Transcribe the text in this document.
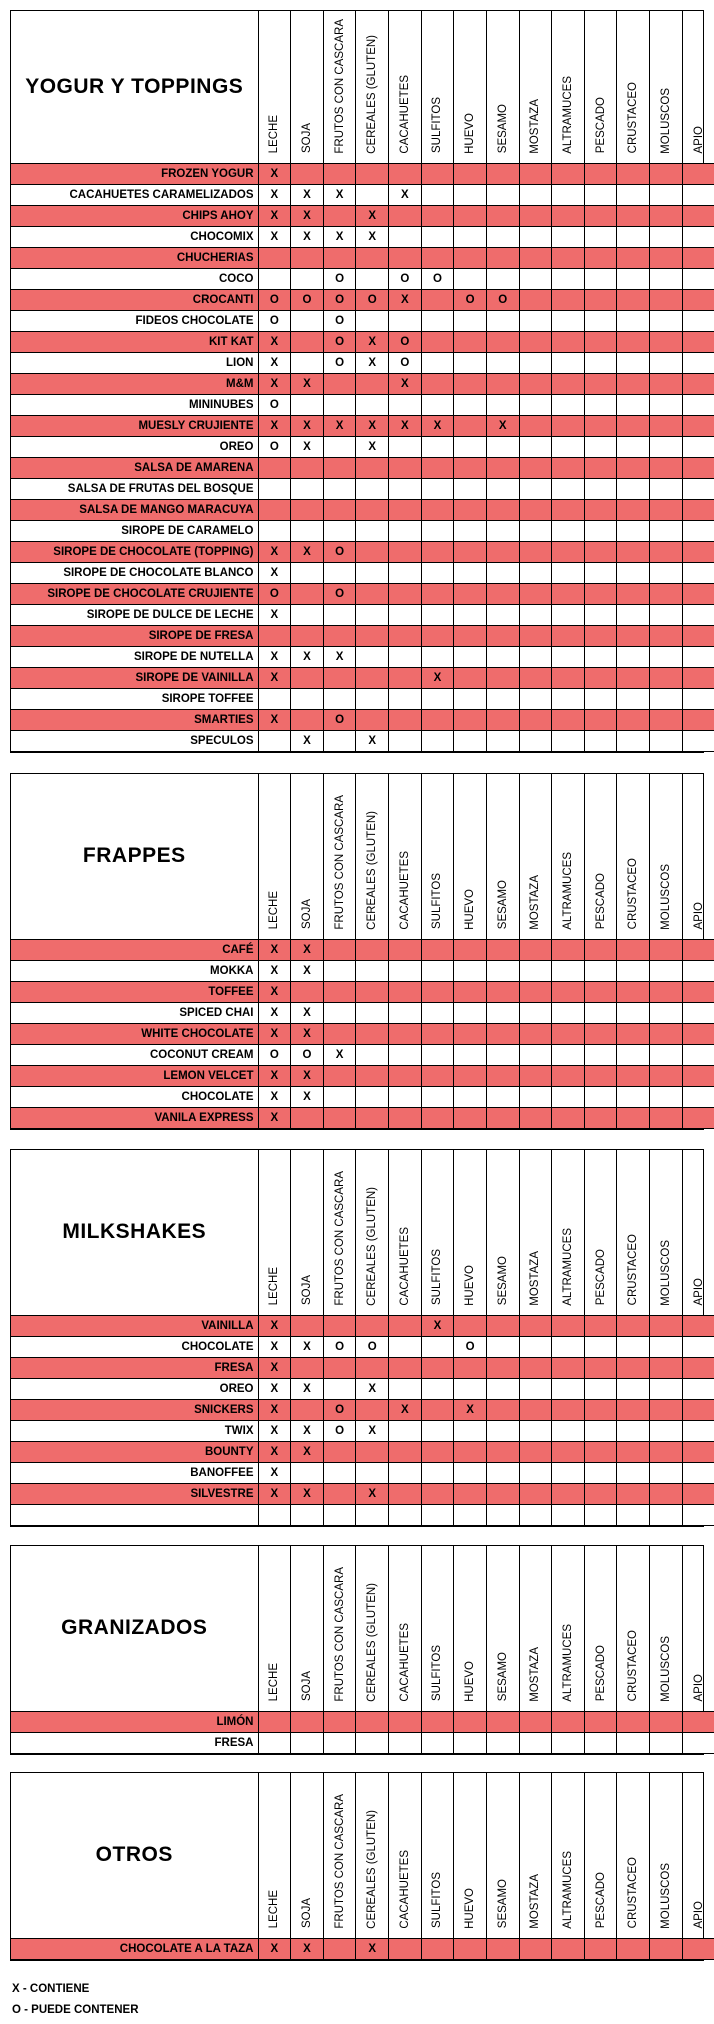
YOGUR Y TOPPINGS	LECHE	SOJA	FRUTOS CON CASCARA	CEREALES (GLUTEN)	CACAHUETES	SULFITOS	HUEVO	SESAMO	MOSTAZA	ALTRAMUCES	PESCADO	CRUSTACEO	MOLUSCOS	APIO
FROZEN YOGUR	X													
CACAHUETES CARAMELIZADOS	X	X	X		X									
CHIPS AHOY	X	X		X										
CHOCOMIX	X	X	X	X										
CHUCHERIAS														
COCO			O		O	O								
CROCANTI	O	O	O	O	X		O	O						
FIDEOS CHOCOLATE	O		O											
KIT KAT	X		O	X	O									
LION	X		O	X	O									
M&M	X	X			X									
MININUBES	O													
MUESLY CRUJIENTE	X	X	X	X	X	X		X						
OREO	O	X		X										
SALSA DE AMARENA														
SALSA DE FRUTAS DEL BOSQUE														
SALSA DE MANGO MARACUYA														
SIROPE DE CARAMELO														
SIROPE DE CHOCOLATE (TOPPING)	X	X	O											
SIROPE DE CHOCOLATE BLANCO	X													
SIROPE DE CHOCOLATE CRUJIENTE	O		O											
SIROPE DE DULCE DE LECHE	X													
SIROPE DE FRESA														
SIROPE DE NUTELLA	X	X	X											
SIROPE DE VAINILLA	X					X								
SIROPE TOFFEE														
SMARTIES	X		O											
SPECULOS		X		X										
FRAPPES	LECHE	SOJA	FRUTOS CON CASCARA	CEREALES (GLUTEN)	CACAHUETES	SULFITOS	HUEVO	SESAMO	MOSTAZA	ALTRAMUCES	PESCADO	CRUSTACEO	MOLUSCOS	APIO
CAFÉ	X	X												
MOKKA	X	X												
TOFFEE	X													
SPICED CHAI	X	X												
WHITE CHOCOLATE	X	X												
COCONUT CREAM	O	O	X											
LEMON VELCET	X	X												
CHOCOLATE	X	X												
VANILA EXPRESS	X													
MILKSHAKES	LECHE	SOJA	FRUTOS CON CASCARA	CEREALES (GLUTEN)	CACAHUETES	SULFITOS	HUEVO	SESAMO	MOSTAZA	ALTRAMUCES	PESCADO	CRUSTACEO	MOLUSCOS	APIO
VAINILLA	X					X								
CHOCOLATE	X	X	O	O			O							
FRESA	X													
OREO	X	X		X										
SNICKERS	X		O		X		X							
TWIX	X	X	O	X										
BOUNTY	X	X												
BANOFFEE	X													
SILVESTRE	X	X		X										

GRANIZADOS	LECHE	SOJA	FRUTOS CON CASCARA	CEREALES (GLUTEN)	CACAHUETES	SULFITOS	HUEVO	SESAMO	MOSTAZA	ALTRAMUCES	PESCADO	CRUSTACEO	MOLUSCOS	APIO
LIMÓN														
FRESA														
OTROS	LECHE	SOJA	FRUTOS CON CASCARA	CEREALES (GLUTEN)	CACAHUETES	SULFITOS	HUEVO	SESAMO	MOSTAZA	ALTRAMUCES	PESCADO	CRUSTACEO	MOLUSCOS	APIO
CHOCOLATE A LA TAZA	X	X		X										
X - CONTIENE
O - PUEDE CONTENER
